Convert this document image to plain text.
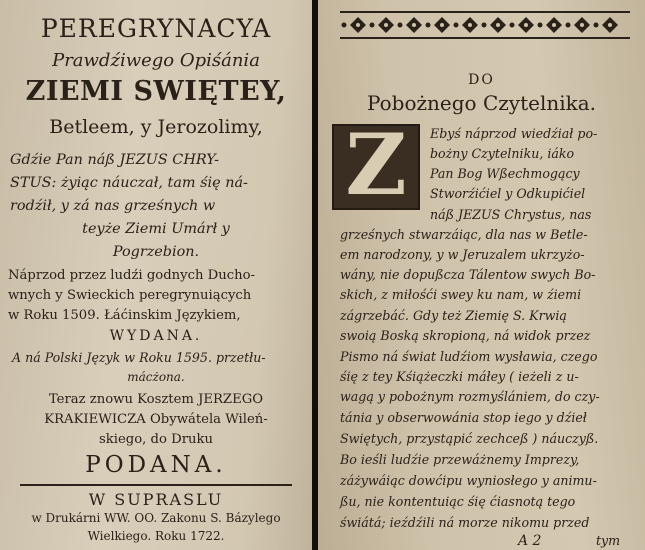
PEREGRYNACYA
Prawdźiwego Opiśánia
ZIEMI SWIĘTEY,
Betleem, y Jerozolimy,
Gdźie Pan náß JEZUS CHRY-
STUS: żyiąc náuczał, tam śię ná-
rodźił, y zá nas grześnych w
teyże Ziemi Umárł y
Pogrzebion.
Náprzod przez ludźi godnych Ducho-
wnych y Swieckich peregrynuiących
w Roku 1509. Łáćinskim Językiem,
WYDANA.
A ná Polski Język w Roku 1595. przetłu-
mácżona.
Teraz znowu Kosztem JERZEGO
KRAKIEWICZA Obywátela Wileń-
skiego, do Druku
PODANA.
W SUPRASLU
w Drukárni WW. OO. Zakonu S. Bázylego
Wielkiego. Roku 1722.
DO
Pobożnego Czytelnika.
Z	Ebyś náprzod wiedźiał po-
bożny Czytelniku, iáko
Pan Bog Wßechmogący
Stworźićiel y Odkupićiel
náß JEZUS Chrystus, nas
grześnych stwarzáiąc, dla nas w Betle-
em narodzony, y w Jeruzalem ukrzyżo-
wány, nie dopußcza Tálentow swych Bo-
skich, z miłośći swey ku nam, w źiemi
zágrzebáć. Gdy też Ziemię S. Krwią
swoią Boską skropioną, ná widok przez
Pismo ná świat ludźiom wysławia, czego
śię z tey Kśiążeczki máłey ( ieżeli z u-
wagą y pobożnym rozmyślániem, do czy-
tánia y obserwowánia stop iego y dźieł
Swiętych, przystąpić zechceß ) náuczyß.
Bo ieśli ludźie przewáżnemy Imprezy,
záżywáiąc dowćipu wyniosłego y animu-
ßu, nie kontentuiąc śię ćiasnotą tego
świátá; ieźdźili ná morze nikomu przed
A 2	tym
